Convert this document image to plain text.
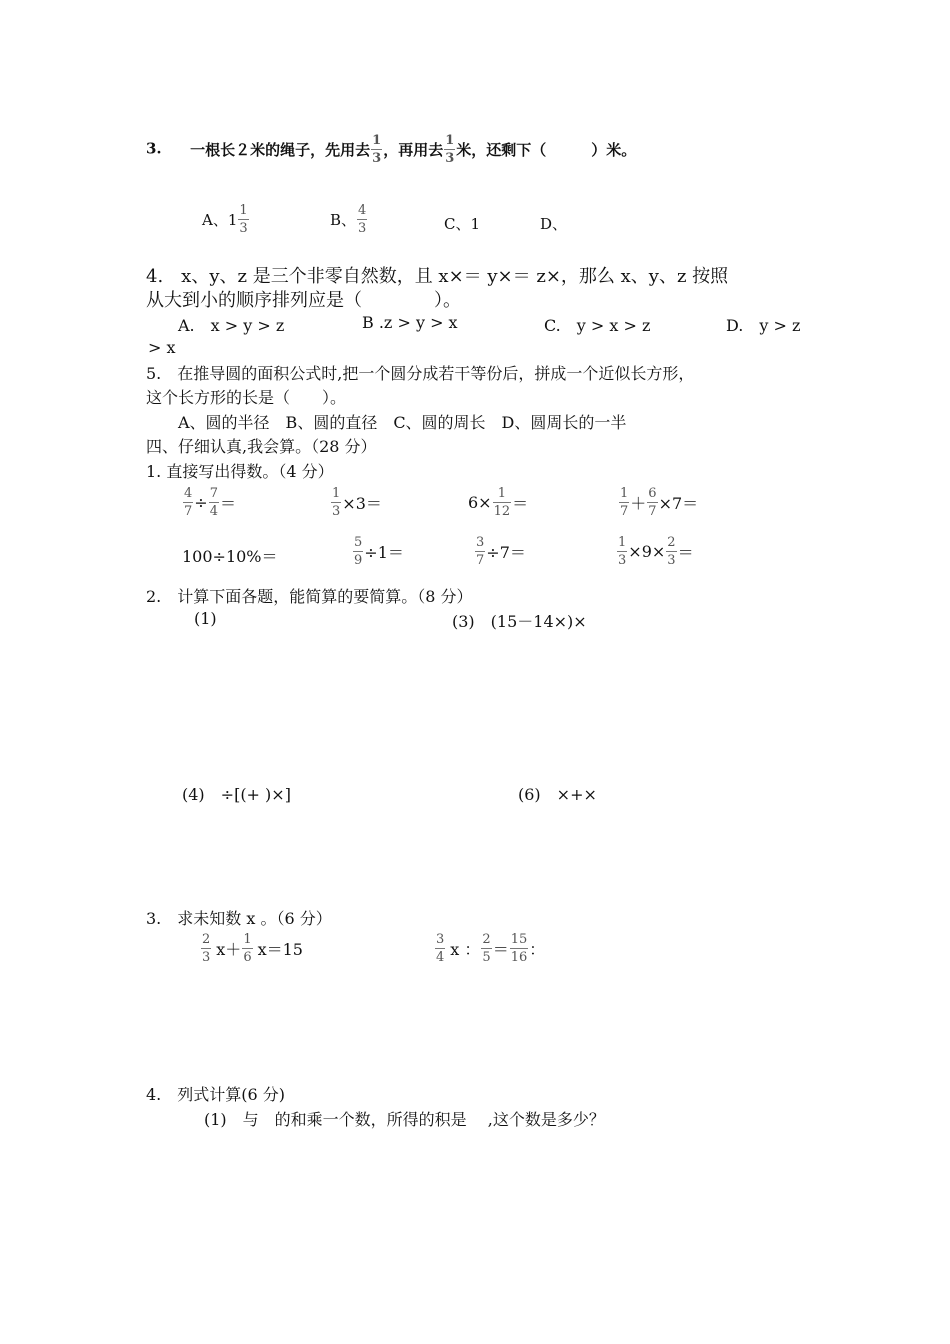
3. 一根长２米的绳子，先用去 $\frac{1}{3}$ ，再用去 $\frac{1}{3}$ 米，还剩下（　　　）米。
A、$1 \frac{1}{3}$	B、 $\frac{4}{3}$	C、1	D、
4.　x、y、z 是三个非零自然数，且 x×＝ y×＝ z×，那么 x、y、z 按照
从大到小的顺序排列应是（　　　　）。
A.　x > y > z	B .z > y > x	C.　y > x > z	D.　y > z
> x
5.　在推导圆的面积公式时,把一个圆分成若干等份后，拼成一个近似长方形，
这个长方形的长是（　　）。
A、圆的半径　B、圆的直径　C、圆的周长　D、圆周长的一半
四、仔细认真,我会算。（28 分）
1. 直接写出得数。（4 分）
$\frac{4}{7} \div \frac{7}{4}$ ＝	$\frac{1}{3} \times 3=$	$6\times \frac{1}{12}$ ＝	$\frac{1}{7} + \frac{6}{7} \times 7=$
100÷10%＝	$\frac{5}{9} \div 1=$	$\frac{3}{7} \div 7=$	$\frac{1}{3} \times 9\times \frac{2}{3}$ ＝
2.　计算下面各题，能简算的要简算。（8 分）
(1)	(3)　(15－14×)×
(4)　÷[(+ )×]	(6)　×+×
3.　求未知数 x 。（6 分）
$\frac{2}{3} x+ \frac{1}{6} x=15$	$\frac{3}{4}$ x ： $\frac{2}{5} = \frac{15}{16}$ ：
4.　列式计算(6 分)
(1)　与　的和乘一个数，所得的积是　 ,这个数是多少？
